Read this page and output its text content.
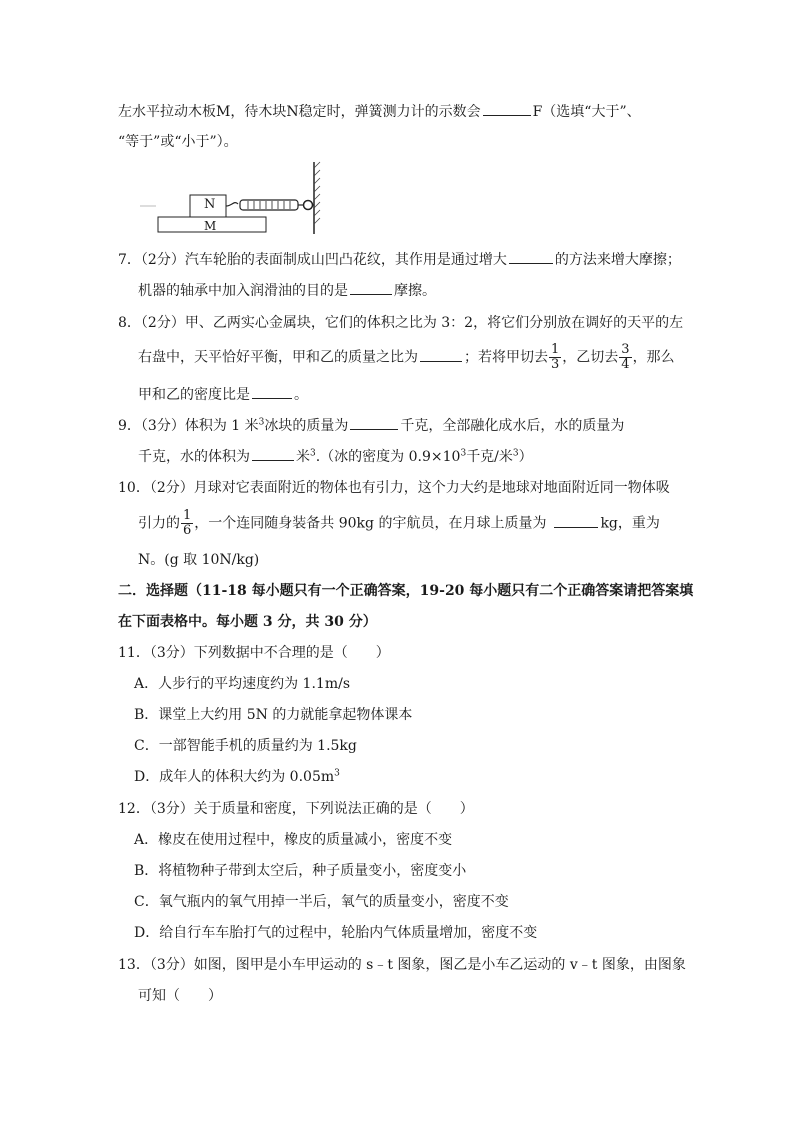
左水平拉动木板M，待木块N稳定时，弹簧测力计的示数会	F（选填“大于”、
“等于”或“小于”）。
N
M
7．（2分）汽车轮胎的表面制成山凹凸花纹，其作用是通过增大	的方法来增大摩擦；
机器的轴承中加入润滑油的目的是	摩擦。
8．（2分）甲、乙两实心金属块，它们的体积之比为 3：2，将它们分别放在调好的天平的左
右盘中，天平恰好平衡，甲和乙的质量之比为	；若将甲切去 $\frac{1}{3}$ ，乙切去 $\frac{3}{4}$ ，那么
甲和乙的密度比是	。
9．（3分）体积为 1 米$^3$冰块的质量为	千克，全部融化成水后，水的质量为
千克，水的体积为	米$^3$.（冰的密度为 $0.9\times 10^3$千克/米$^3$）
10．（2分）月球对它表面附近的物体也有引力，这个力大约是地球对地面附近同一物体吸
引力的 $\frac{1}{6}$ ，一个连同随身装备共 90kg 的宇航员，在月球上质量为	kg，重为
N。(g 取 10N/kg)
二．选择题（11-18 每小题只有一个正确答案，19-20 每小题只有二个正确答案请把答案填
在下面表格中。每小题 3 分，共 30 分）
11．（3分）下列数据中不合理的是（　　）
A．人步行的平均速度约为 1.1m/s
B．课堂上大约用 5N 的力就能拿起物体课本
C．一部智能手机的质量约为 1.5kg
D．成年人的体积大约为 $0.05m^3$
12．（3分）关于质量和密度，下列说法正确的是（　　）
A．橡皮在使用过程中，橡皮的质量减小，密度不变
B．将植物种子带到太空后，种子质量变小，密度变小
C．氧气瓶内的氧气用掉一半后，氧气的质量变小，密度不变
D．给自行车车胎打气的过程中，轮胎内气体质量增加，密度不变
13．（3分）如图，图甲是小车甲运动的 s﹣t 图象，图乙是小车乙运动的 v﹣t 图象，由图象
可知（　　）
